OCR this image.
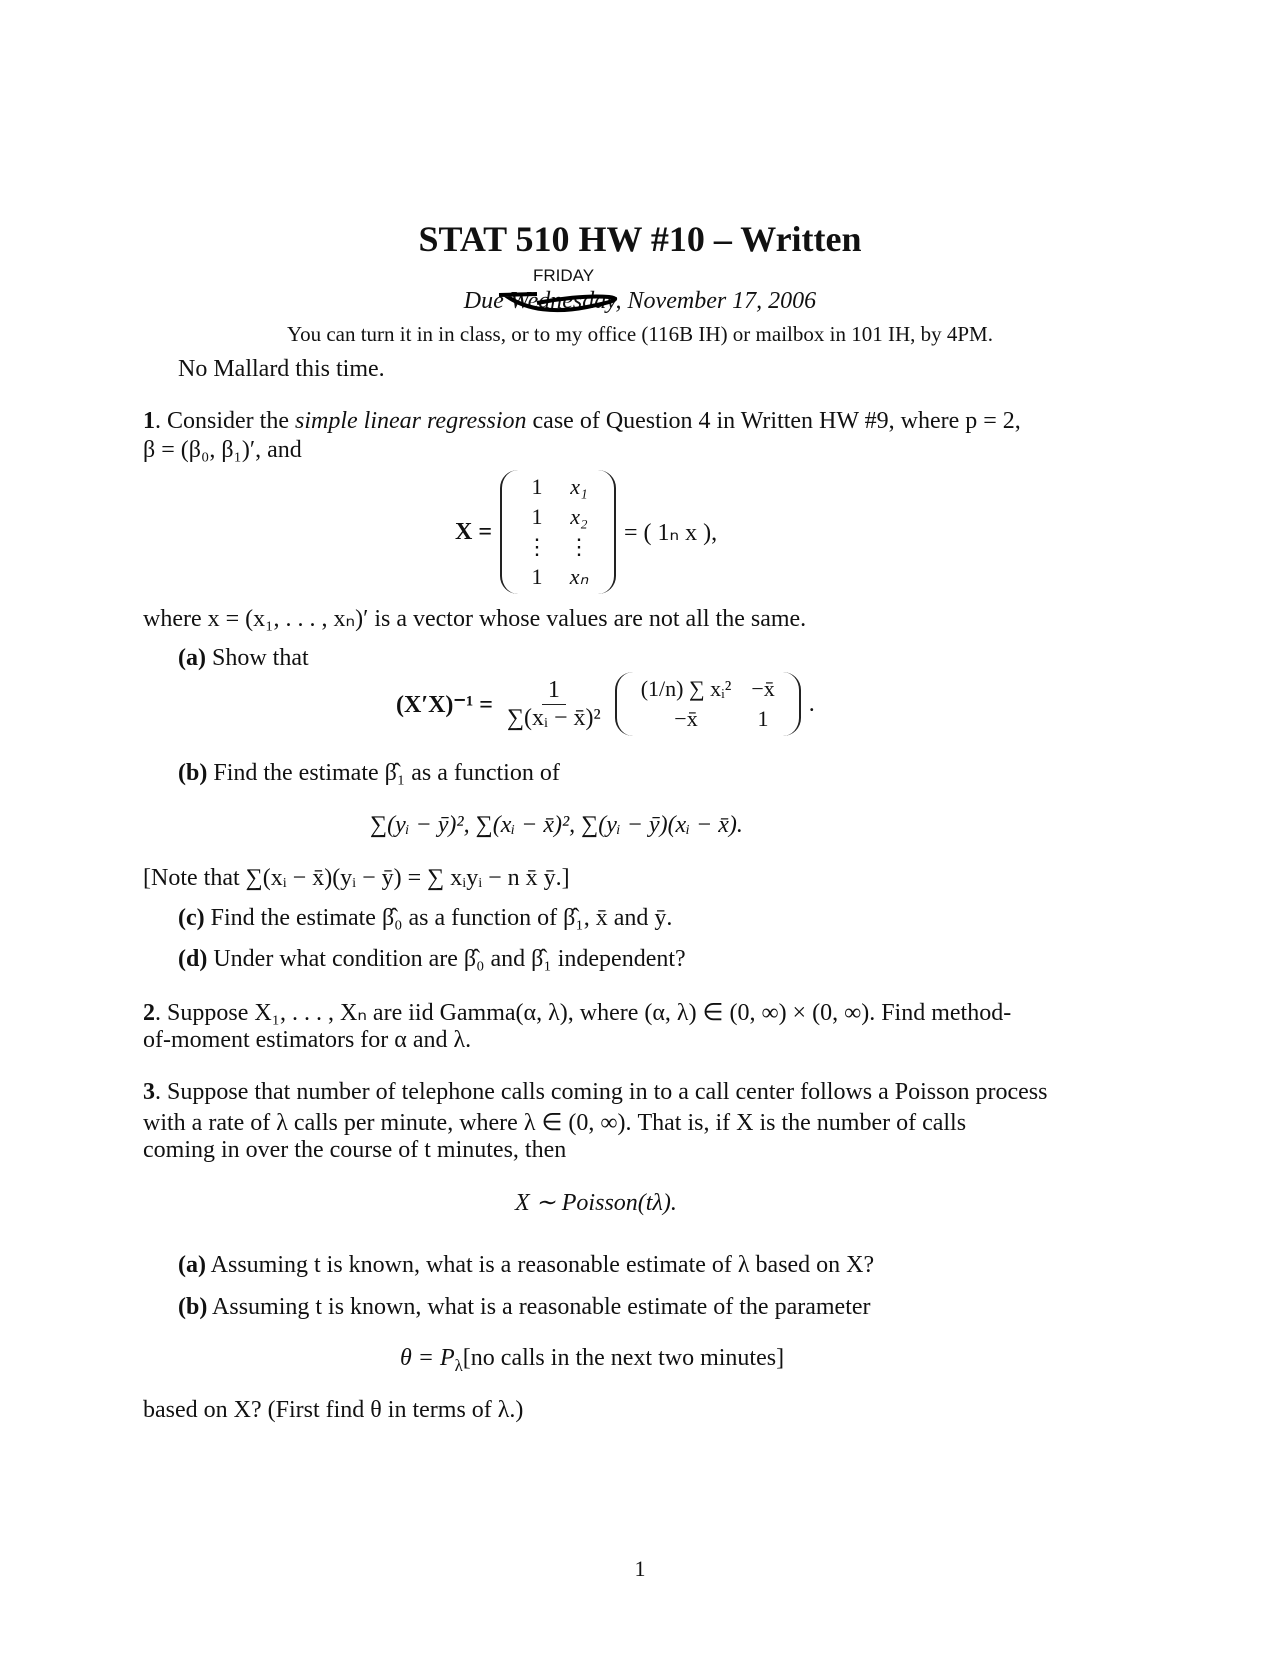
STAT 510 HW #10 – Written
FRIDAY
Due Wednesday, November 17, 2006
You can turn it in in class, or to my office (116B IH) or mailbox in 101 IH, by 4PM.
No Mallard this time.
1. Consider the simple linear regression case of Question 4 in Written HW #9, where p = 2,
β = (β₀, β₁)′, and
X =
1	x₁
1	x₂
⋮	⋮
1	xₙ
= ( 1ₙ x ),
where x = (x₁, . . . , xₙ)′ is a vector whose values are not all the same.
(a) Show that
$(X'X)^{-1} = \frac{1}{\text{∑(xᵢ − x̄)²}} (1/n)$ ∑ xᵢ²	−x̄
−x̄	1
.
(b) Find the estimate β̂₁ as a function of
∑(yᵢ − ȳ)², ∑(xᵢ − x̄)², ∑(yᵢ − ȳ)(xᵢ − x̄).
[Note that ∑(xᵢ − x̄)(yᵢ − ȳ) = ∑ xᵢyᵢ − n x̄ ȳ.]
(c) Find the estimate β̂₀ as a function of β̂₁, x̄ and ȳ.
(d) Under what condition are β̂₀ and β̂₁ independent?
2. Suppose X₁, . . . , Xₙ are iid Gamma(α, λ), where (α, λ) ∈ (0, ∞) × (0, ∞). Find method-
of-moment estimators for α and λ.
3. Suppose that number of telephone calls coming in to a call center follows a Poisson process
with a rate of λ calls per minute, where λ ∈ (0, ∞). That is, if X is the number of calls
coming in over the course of t minutes, then
X ∼ Poisson(tλ).
(a) Assuming t is known, what is a reasonable estimate of λ based on X?
(b) Assuming t is known, what is a reasonable estimate of the parameter
$\theta = P_\lambda[no$ calls in the next two minutes]
based on X? (First find θ in terms of λ.)
1
